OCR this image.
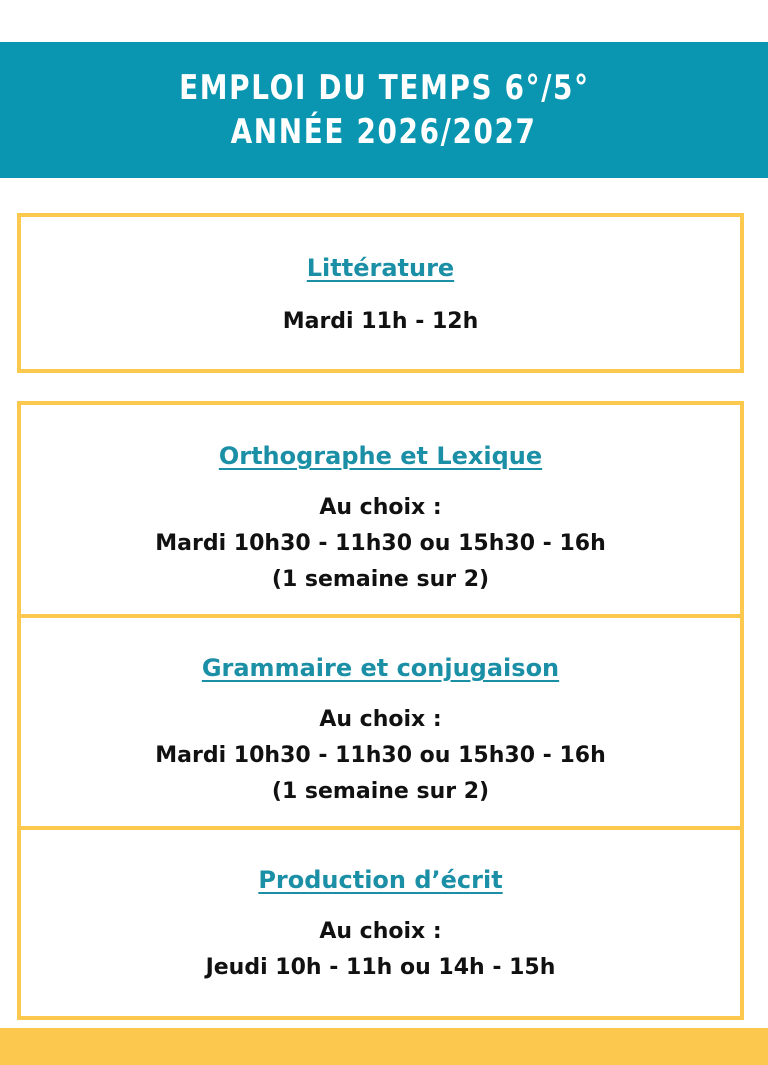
EMPLOI DU TEMPS 6°/5°
ANNÉE 2026/2027
Littérature
Mardi 11h - 12h
Orthographe et Lexique
Au choix :
Mardi 10h30 - 11h30 ou 15h30 - 16h
(1 semaine sur 2)
Grammaire et conjugaison
Au choix :
Mardi 10h30 - 11h30 ou 15h30 - 16h
(1 semaine sur 2)
Production d’écrit
Au choix :
Jeudi 10h - 11h ou 14h - 15h
